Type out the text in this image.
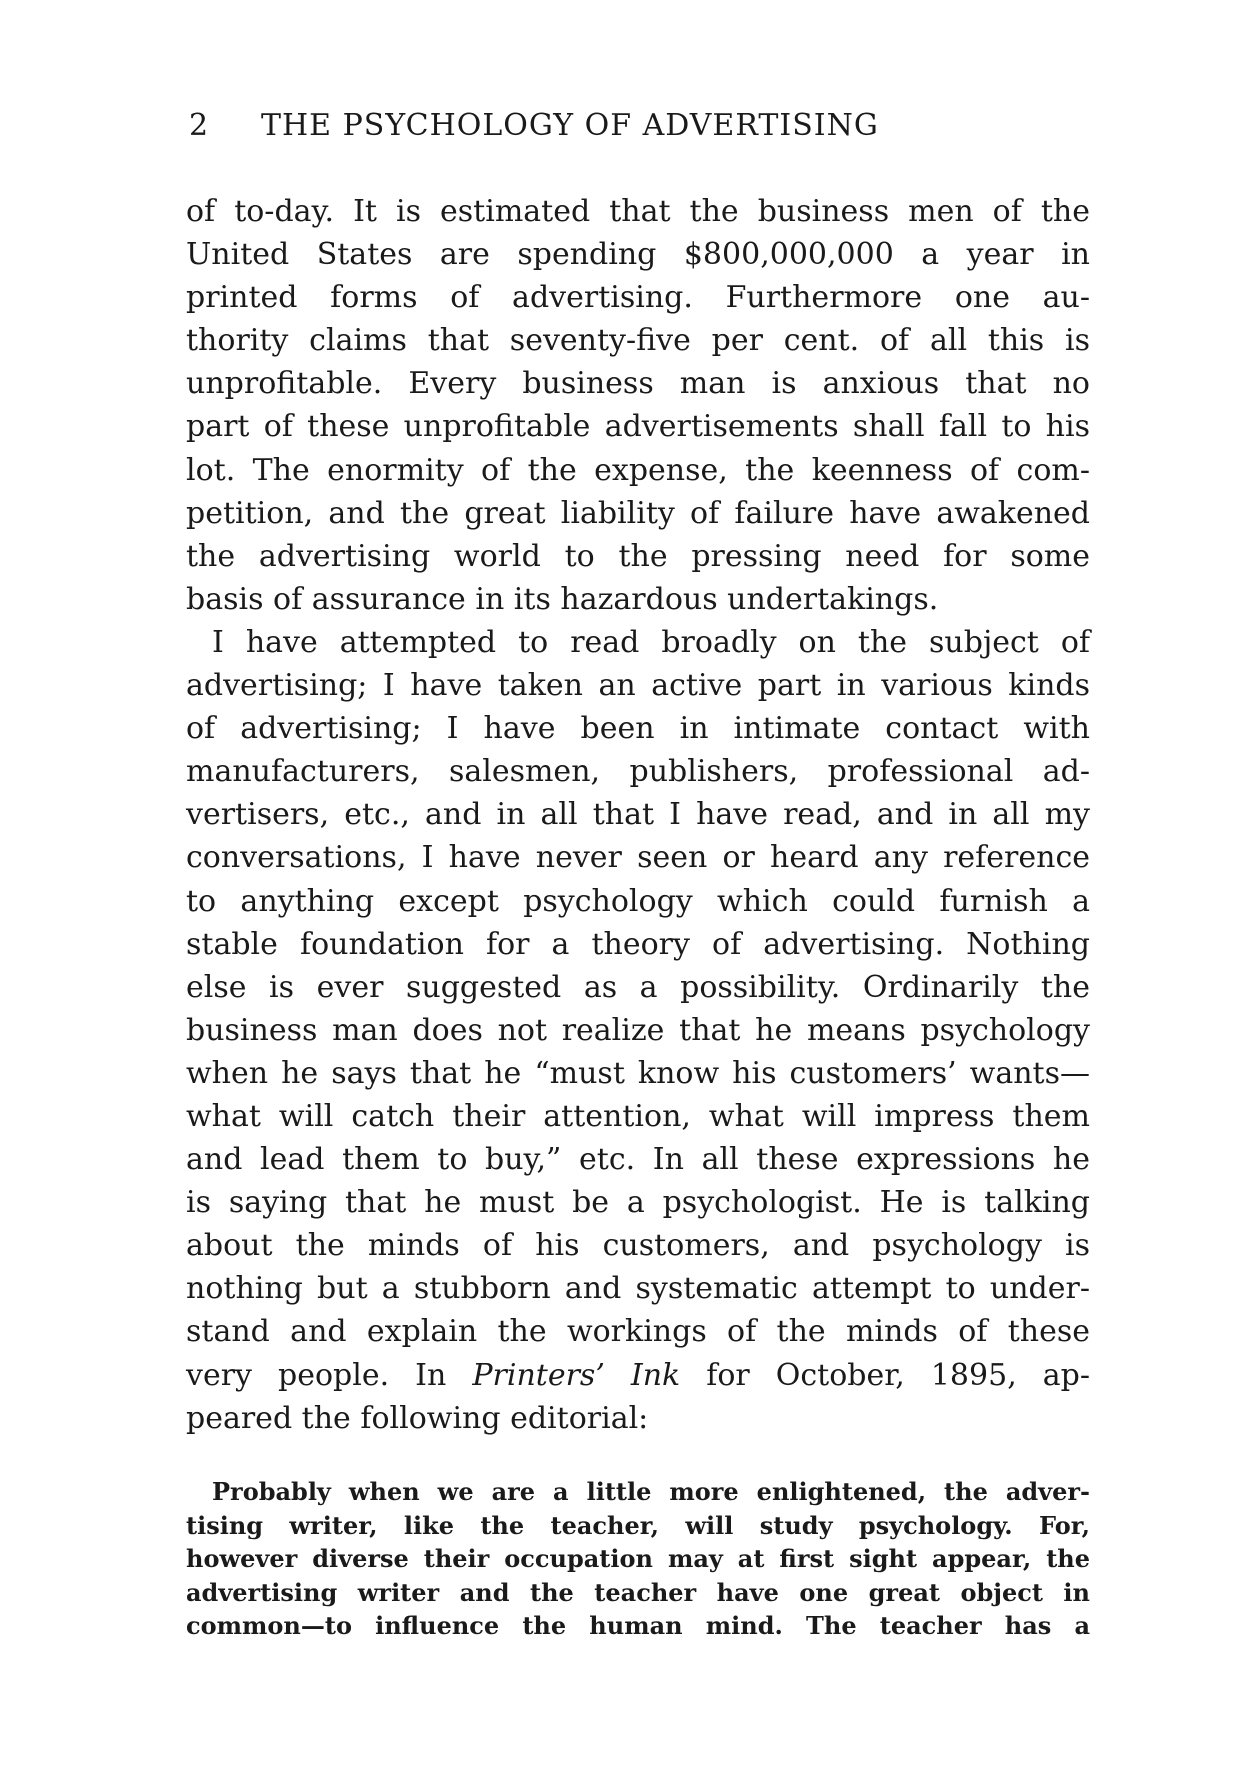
2 THE PSYCHOLOGY OF ADVERTISING
of to-day. It is estimated that the business men of the
United States are spending $800,000,000 a year in
printed forms of advertising. Furthermore one au-
thority claims that seventy-five per cent. of all this is
unprofitable. Every business man is anxious that no
part of these unprofitable advertisements shall fall to his
lot. The enormity of the expense, the keenness of com-
petition, and the great liability of failure have awakened
the advertising world to the pressing need for some
basis of assurance in its hazardous undertakings.
I have attempted to read broadly on the subject of
advertising; I have taken an active part in various kinds
of advertising; I have been in intimate contact with
manufacturers, salesmen, publishers, professional ad-
vertisers, etc., and in all that I have read, and in all my
conversations, I have never seen or heard any reference
to anything except psychology which could furnish a
stable foundation for a theory of advertising. Nothing
else is ever suggested as a possibility. Ordinarily the
business man does not realize that he means psychology
when he says that he “must know his customers’ wants—
what will catch their attention, what will impress them
and lead them to buy,” etc. In all these expressions he
is saying that he must be a psychologist. He is talking
about the minds of his customers, and psychology is
nothing but a stubborn and systematic attempt to under-
stand and explain the workings of the minds of these
very people. In Printers’ Ink for October, 1895, ap-
peared the following editorial:
Probably when we are a little more enlightened, the adver-
tising writer, like the teacher, will study psychology. For,
however diverse their occupation may at first sight appear, the
advertising writer and the teacher have one great object in
common—to influence the human mind. The teacher has a
